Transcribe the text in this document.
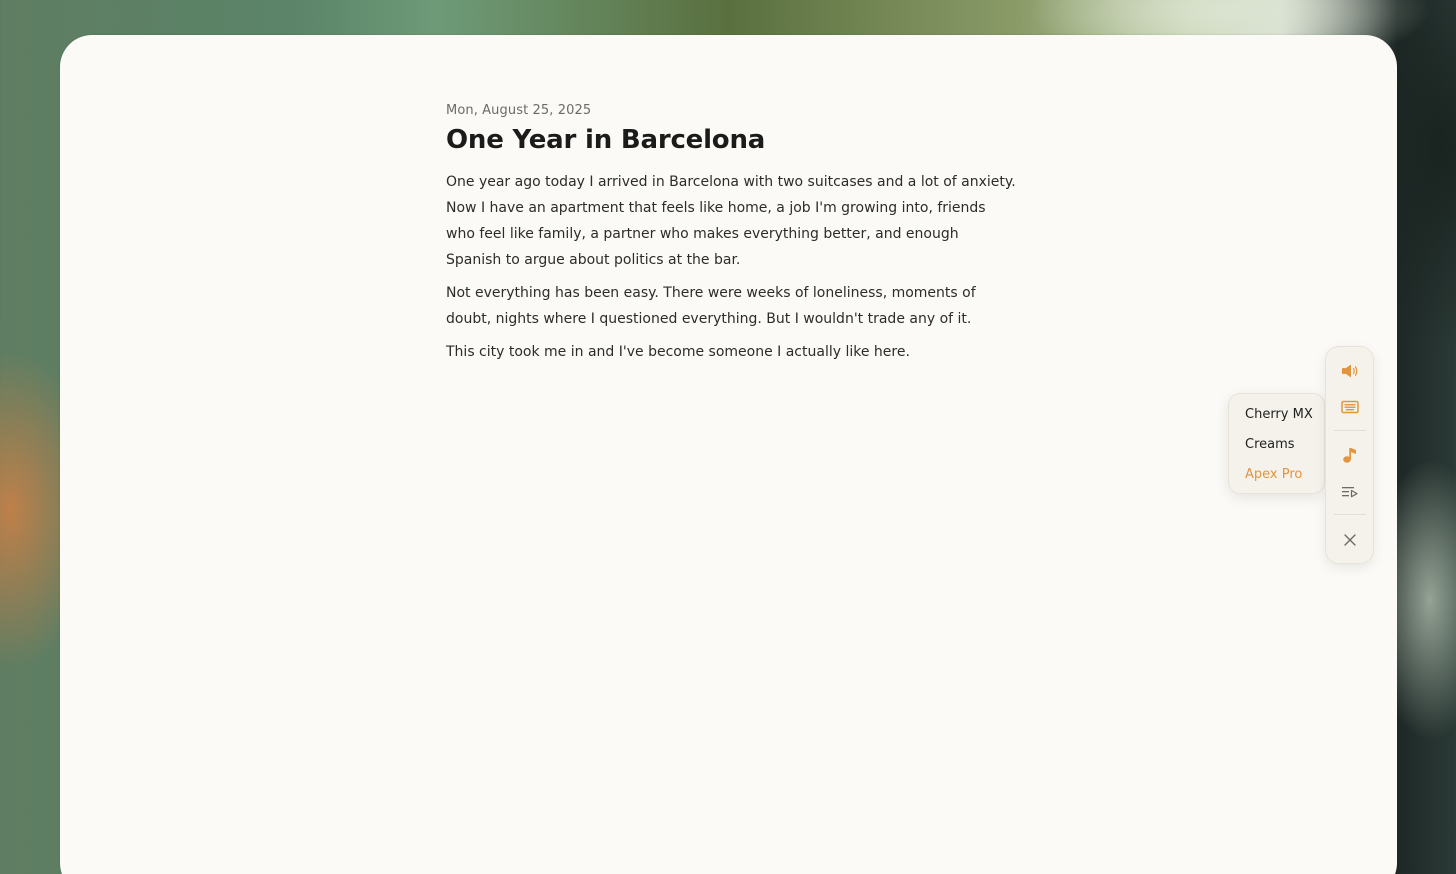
Mon, August 25, 2025
One Year in Barcelona

One year ago today I arrived in Barcelona with two suitcases and a lot of anxiety. Now I have an apartment that feels like home, a job I'm growing into, friends who feel like family, a partner who makes everything better, and enough Spanish to argue about politics at the bar.

Not everything has been easy. There were weeks of loneliness, moments of doubt, nights where I questioned everything. But I wouldn't trade any of it.

This city took me in and I've become someone I actually like here.

Cherry MX
Creams
Apex Pro
